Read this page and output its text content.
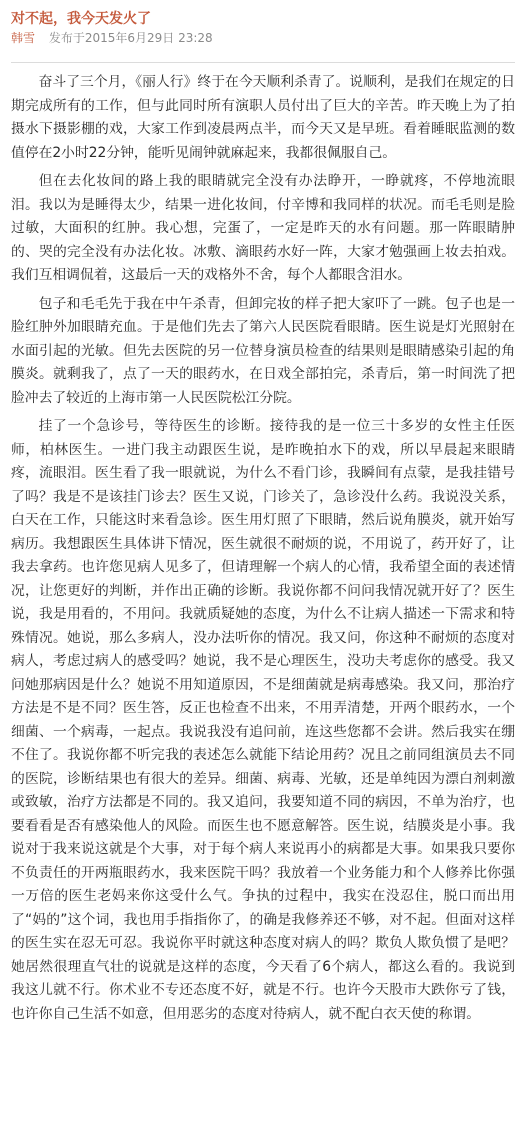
对不起，我今天发火了
韩雪 发布于2015年6月29日 23:28

奋斗了三个月，《丽人行》终于在今天顺利杀青了。说顺利，是我们在规定的日期完成所有的工作，但与此同时所有演职人员付出了巨大的辛苦。昨天晚上为了拍摄水下摄影棚的戏，大家工作到凌晨两点半，而今天又是早班。看着睡眠监测的数值停在2小时22分钟，能听见闹钟就麻起来，我都很佩服自己。

但在去化妆间的路上我的眼睛就完全没有办法睁开，一睁就疼，不停地流眼泪。我以为是睡得太少，结果一进化妆间，付辛博和我同样的状况。而毛毛则是脸过敏，大面积的红肿。我心想，完蛋了，一定是昨天的水有问题。那一阵眼睛肿的、哭的完全没有办法化妆。冰敷、滴眼药水好一阵，大家才勉强画上妆去拍戏。我们互相调侃着，这最后一天的戏格外不舍，每个人都眼含泪水。

包子和毛毛先于我在中午杀青，但卸完妆的样子把大家吓了一跳。包子也是一脸红肿外加眼睛充血。于是他们先去了第六人民医院看眼睛。医生说是灯光照射在水面引起的光敏。但先去医院的另一位替身演员检查的结果则是眼睛感染引起的角膜炎。就剩我了，点了一天的眼药水，在日戏全部拍完，杀青后，第一时间洗了把脸冲去了较近的上海市第一人民医院松江分院。

挂了一个急诊号，等待医生的诊断。接待我的是一位三十多岁的女性主任医师，柏林医生。一进门我主动跟医生说，是昨晚拍水下的戏，所以早晨起来眼睛疼，流眼泪。医生看了我一眼就说，为什么不看门诊，我瞬间有点蒙，是我挂错号了吗？我是不是该挂门诊去？医生又说，门诊关了，急诊没什么药。我说没关系，白天在工作，只能这时来看急诊。医生用灯照了下眼睛，然后说角膜炎，就开始写病历。我想跟医生具体讲下情况，医生就很不耐烦的说，不用说了，药开好了，让我去拿药。也许您见病人见多了，但请理解一个病人的心情，我希望全面的表述情况，让您更好的判断，并作出正确的诊断。我说你都不问问我情况就开好了？医生说，我是用看的，不用问。我就质疑她的态度，为什么不让病人描述一下需求和特殊情况。她说，那么多病人，没办法听你的情况。我又问，你这种不耐烦的态度对病人，考虑过病人的感受吗？她说，我不是心理医生，没功夫考虑你的感受。我又问她那病因是什么？她说不用知道原因，不是细菌就是病毒感染。我又问，那治疗方法是不是不同？医生答，反正也检查不出来，不用弄清楚，开两个眼药水，一个细菌、一个病毒，一起点。我说我没有追问前，连这些您都不会讲。然后我实在绷不住了。我说你都不听完我的表述怎么就能下结论用药？况且之前同组演员去不同的医院，诊断结果也有很大的差异。细菌、病毒、光敏，还是单纯因为漂白剂刺激或致敏，治疗方法都是不同的。我又追问，我要知道不同的病因，不单为治疗，也要看看是否有感染他人的风险。而医生也不愿意解答。医生说，结膜炎是小事。我说对于我来说这就是个大事，对于每个病人来说再小的病都是大事。如果我只要你不负责任的开两瓶眼药水，我来医院干吗？我放着一个业务能力和个人修养比你强一万倍的医生老妈来你这受什么气。争执的过程中，我实在没忍住，脱口而出用了“妈的”这个词，我也用手指指你了，的确是我修养还不够，对不起。但面对这样的医生实在忍无可忍。我说你平时就这种态度对病人的吗？欺负人欺负惯了是吧？她居然很理直气壮的说就是这样的态度，今天看了6个病人，都这么看的。我说到我这儿就不行。你术业不专还态度不好，就是不行。也许今天股市大跌你亏了钱，也许你自己生活不如意，但用恶劣的态度对待病人，就不配白衣天使的称谓。
